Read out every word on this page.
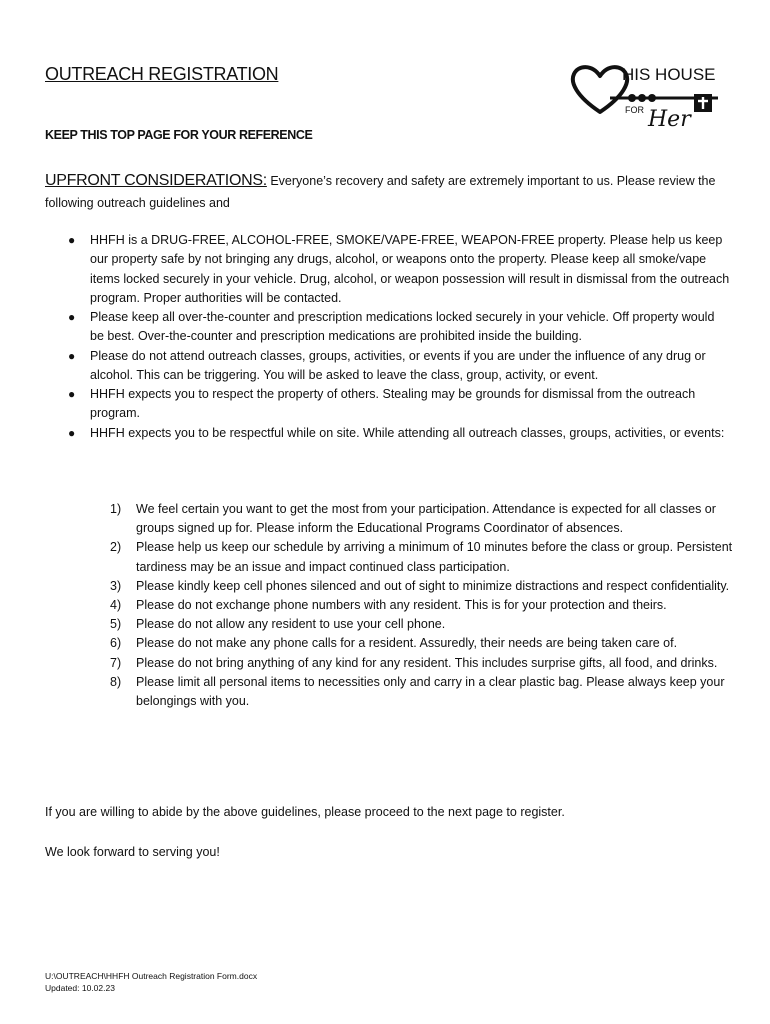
OUTREACH REGISTRATION	HIS HOUSE
FOR Her

KEEP THIS TOP PAGE FOR YOUR REFERENCE

UPFRONT CONSIDERATIONS: Everyone’s recovery and safety are extremely important to us. Please review the following outreach guidelines and

● HHFH is a DRUG-FREE, ALCOHOL-FREE, SMOKE/VAPE-FREE, WEAPON-FREE property. Please help us keep our property safe by not bringing any drugs, alcohol, or weapons onto the property. Please keep all smoke/vape items locked securely in your vehicle. Drug, alcohol, or weapon possession will result in dismissal from the outreach program. Proper authorities will be contacted.
● Please keep all over-the-counter and prescription medications locked securely in your vehicle. Off property would be best. Over-the-counter and prescription medications are prohibited inside the building.
● Please do not attend outreach classes, groups, activities, or events if you are under the influence of any drug or alcohol. This can be triggering. You will be asked to leave the class, group, activity, or event.
● HHFH expects you to respect the property of others. Stealing may be grounds for dismissal from the outreach program.
● HHFH expects you to be respectful while on site. While attending all outreach classes, groups, activities, or events:
1) We feel certain you want to get the most from your participation. Attendance is expected for all classes or groups signed up for. Please inform the Educational Programs Coordinator of absences.
2) Please help us keep our schedule by arriving a minimum of 10 minutes before the class or group. Persistent tardiness may be an issue and impact continued class participation.
3) Please kindly keep cell phones silenced and out of sight to minimize distractions and respect confidentiality.
4) Please do not exchange phone numbers with any resident. This is for your protection and theirs.
5) Please do not allow any resident to use your cell phone.
6) Please do not make any phone calls for a resident. Assuredly, their needs are being taken care of.
7) Please do not bring anything of any kind for any resident. This includes surprise gifts, all food, and drinks.
8) Please limit all personal items to necessities only and carry in a clear plastic bag. Please always keep your belongings with you.

If you are willing to abide by the above guidelines, please proceed to the next page to register.

We look forward to serving you!

U:\OUTREACH\HHFH Outreach Registration Form.docx
Updated: 10.02.23
